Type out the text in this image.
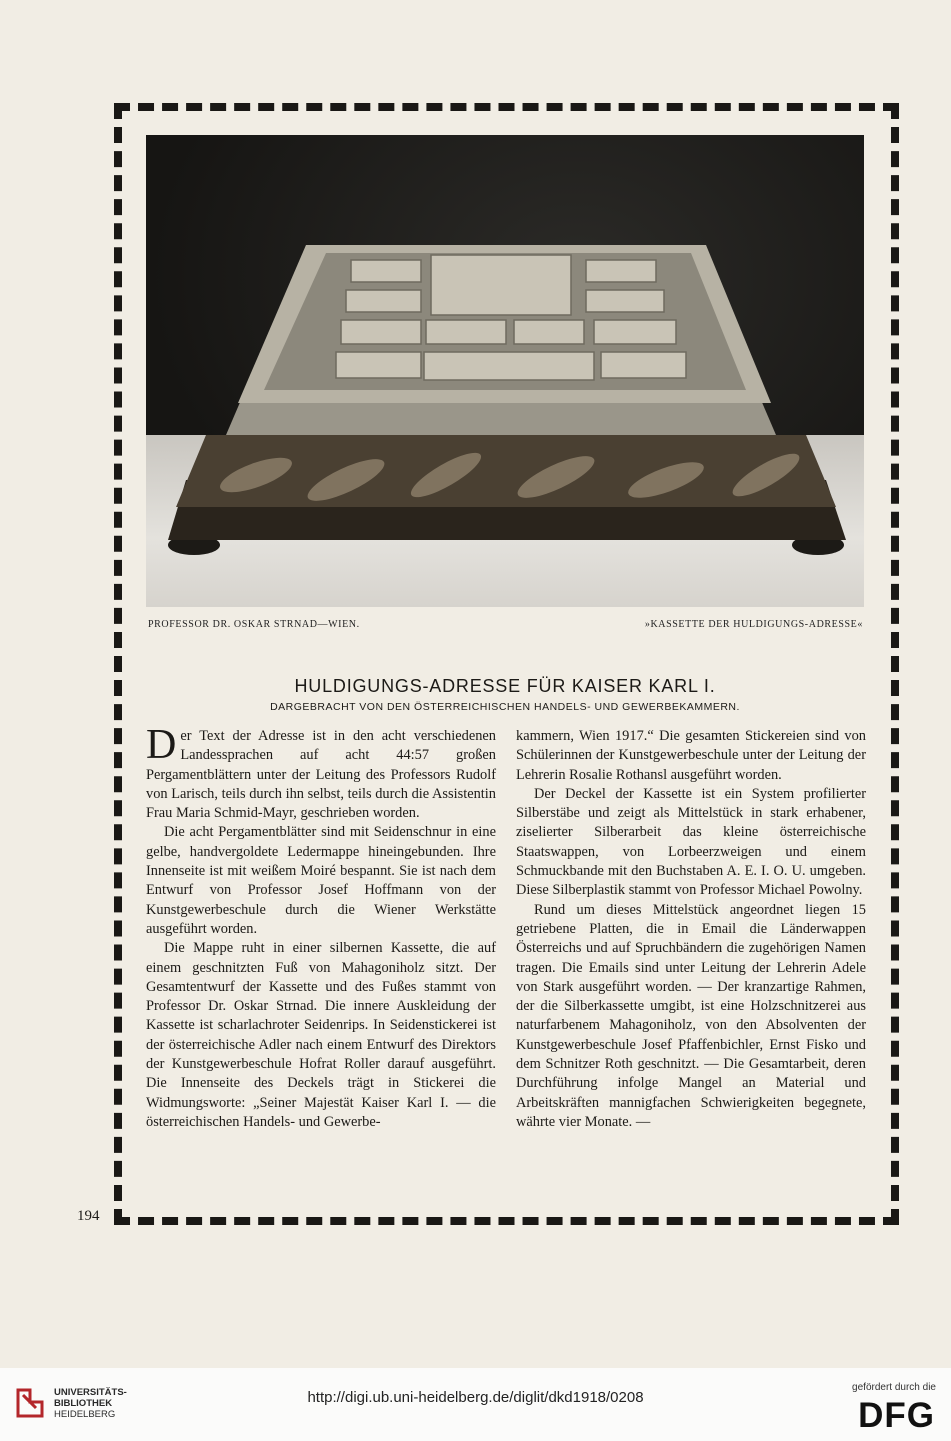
PROFESSOR DR. OSKAR STRNAD—WIEN.	»KASSETTE DER HULDIGUNGS-ADRESSE«
HULDIGUNGS-ADRESSE FÜR KAISER KARL I.
DARGEBRACHT VON DEN ÖSTERREICHISCHEN HANDELS- UND GEWERBEKAMMERN.

Der Text der Adresse ist in den acht verschiedenen Landessprachen auf acht 44:57 großen Pergamentblättern unter der Leitung des Professors Rudolf von Larisch, teils durch ihn selbst, teils durch die Assistentin Frau Maria Schmid-Mayr, geschrieben worden.

Die acht Pergamentblätter sind mit Seidenschnur in eine gelbe, handvergoldete Ledermappe hineingebunden. Ihre Innenseite ist mit weißem Moiré bespannt. Sie ist nach dem Entwurf von Professor Josef Hoffmann von der Kunstgewerbeschule durch die Wiener Werkstätte ausgeführt worden.

Die Mappe ruht in einer silbernen Kassette, die auf einem geschnitzten Fuß von Mahagoniholz sitzt. Der Gesamtentwurf der Kassette und des Fußes stammt von Professor Dr. Oskar Strnad. Die innere Auskleidung der Kassette ist scharlachroter Seidenrips. In Seidenstickerei ist der österreichische Adler nach einem Entwurf des Direktors der Kunstgewerbeschule Hofrat Roller darauf ausgeführt. Die Innenseite des Deckels trägt in Stickerei die Widmungsworte: „Seiner Majestät Kaiser Karl I. — die österreichischen Handels- und Gewerbe-

kammern, Wien 1917.“ Die gesamten Stickereien sind von Schülerinnen der Kunstgewerbeschule unter der Leitung der Lehrerin Rosalie Rothansl ausgeführt worden.

Der Deckel der Kassette ist ein System profilierter Silberstäbe und zeigt als Mittelstück in stark erhabener, ziselierter Silberarbeit das kleine österreichische Staatswappen, von Lorbeerzweigen und einem Schmuckbande mit den Buchstaben A. E. I. O. U. umgeben. Diese Silberplastik stammt von Professor Michael Powolny.

Rund um dieses Mittelstück angeordnet liegen 15 getriebene Platten, die in Email die Länderwappen Österreichs und auf Spruchbändern die zugehörigen Namen tragen. Die Emails sind unter Leitung der Lehrerin Adele von Stark ausgeführt worden. — Der kranzartige Rahmen, der die Silberkassette umgibt, ist eine Holzschnitzerei aus naturfarbenem Mahagoniholz, von den Absolventen der Kunstgewerbeschule Josef Pfaffenbichler, Ernst Fisko und dem Schnitzer Roth geschnitzt. — Die Gesamtarbeit, deren Durchführung infolge Mangel an Material und Arbeitskräften mannigfachen Schwierigkeiten begegnete, währte vier Monate. —

194
UNIVERSITÄTS-
BIBLIOTHEK
HEIDELBERG
http://digi.ub.uni-heidelberg.de/diglit/dkd1918/0208
gefördert durch die
DFG
